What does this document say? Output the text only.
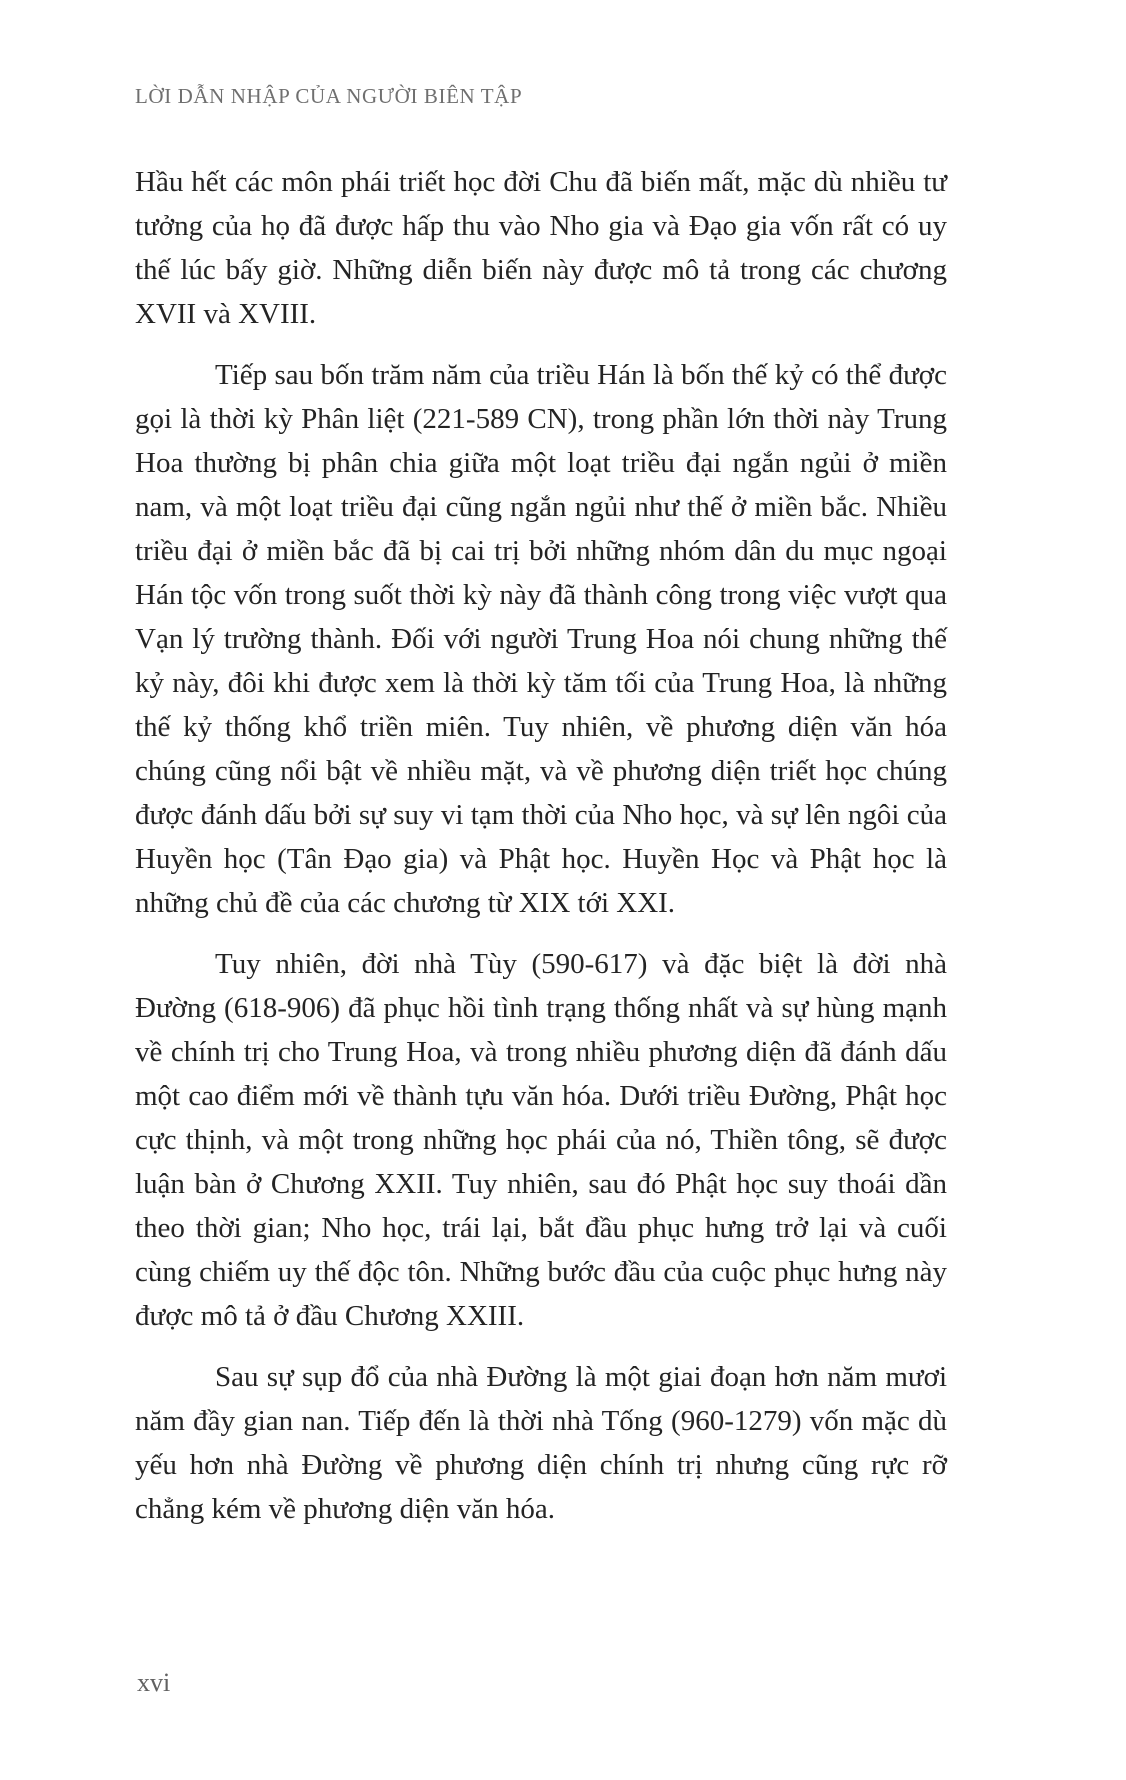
LỜI DẪN NHẬP CỦA NGƯỜI BIÊN TẬP

Hầu hết các môn phái triết học đời Chu đã biến mất, mặc dù nhiều tư tưởng của họ đã được hấp thu vào Nho gia và Đạo gia vốn rất có uy thế lúc bấy giờ. Những diễn biến này được mô tả trong các chương XVII và XVIII.

Tiếp sau bốn trăm năm của triều Hán là bốn thế kỷ có thể được gọi là thời kỳ Phân liệt (221-589 CN), trong phần lớn thời này Trung Hoa thường bị phân chia giữa một loạt triều đại ngắn ngủi ở miền nam, và một loạt triều đại cũng ngắn ngủi như thế ở miền bắc. Nhiều triều đại ở miền bắc đã bị cai trị bởi những nhóm dân du mục ngoại Hán tộc vốn trong suốt thời kỳ này đã thành công trong việc vượt qua Vạn lý trường thành. Đối với người Trung Hoa nói chung những thế kỷ này, đôi khi được xem là thời kỳ tăm tối của Trung Hoa, là những thế kỷ thống khổ triền miên. Tuy nhiên, về phương diện văn hóa chúng cũng nổi bật về nhiều mặt, và về phương diện triết học chúng được đánh dấu bởi sự suy vi tạm thời của Nho học, và sự lên ngôi của Huyền học (Tân Đạo gia) và Phật học. Huyền Học và Phật học là những chủ đề của các chương từ XIX tới XXI.

Tuy nhiên, đời nhà Tùy (590-617) và đặc biệt là đời nhà Đường (618-906) đã phục hồi tình trạng thống nhất và sự hùng mạnh về chính trị cho Trung Hoa, và trong nhiều phương diện đã đánh dấu một cao điểm mới về thành tựu văn hóa. Dưới triều Đường, Phật học cực thịnh, và một trong những học phái của nó, Thiền tông, sẽ được luận bàn ở Chương XXII. Tuy nhiên, sau đó Phật học suy thoái dần theo thời gian; Nho học, trái lại, bắt đầu phục hưng trở lại và cuối cùng chiếm uy thế độc tôn. Những bước đầu của cuộc phục hưng này được mô tả ở đầu Chương XXIII.

Sau sự sụp đổ của nhà Đường là một giai đoạn hơn năm mươi năm đầy gian nan. Tiếp đến là thời nhà Tống (960-1279) vốn mặc dù yếu hơn nhà Đường về phương diện chính trị nhưng cũng rực rỡ chẳng kém về phương diện văn hóa.

xvi
